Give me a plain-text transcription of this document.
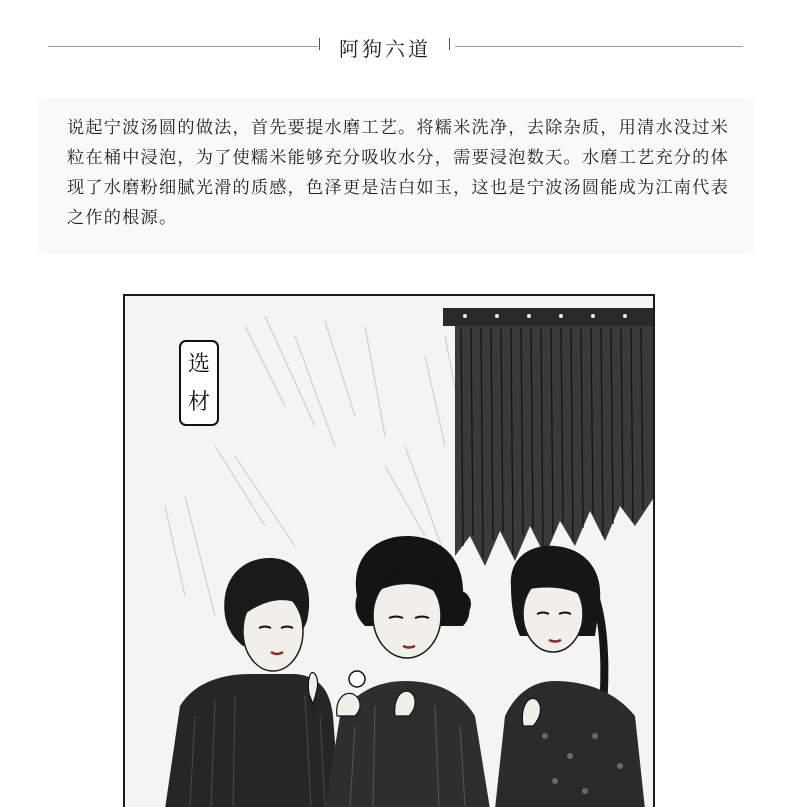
阿狗六道

说起宁波汤圆的做法，首先要提水磨工艺。将糯米洗净，去除杂质，用清水没过米粒在桶中浸泡，为了使糯米能够充分吸收水分，需要浸泡数天。水磨工艺充分的体现了水磨粉细腻光滑的质感，色泽更是洁白如玉，这也是宁波汤圆能成为江南代表之作的根源。

选
材
